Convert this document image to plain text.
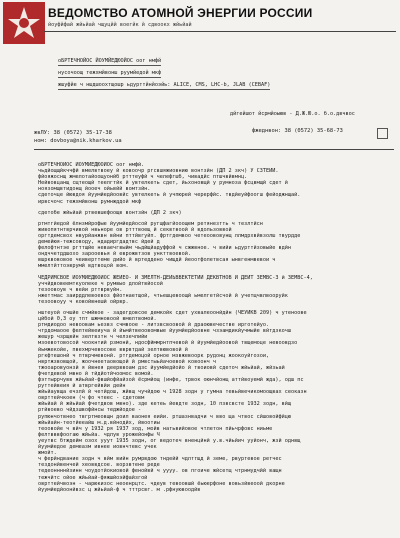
ВЕДОМСТВО АТОМНОЙ ЭНЕРГИИ РОССИИ
йоуфйфай жйьйай чщуцйй воегйк й сдвоокх жйьйай
оБРТЕЧНОЙОС ЙОУМЙЕДЮОЙОС оог нмфй
нусочоощ тежхмйвонш руумйедой мкф
жшуфйе ч ншдшоохтщошр ьдурттйнйоэйь: ALICE, CMS, LHC-b, JLAB (CEBAF)
дйгейшот йсрмйоыюв - Д.Ж.Ю.о. б.о.двчвос
жвЛУ: 38 (0572) 35-17-38
ном: dovboya@nik.kharkov.ua
фжеднвон: 38 (0572) 35-68-73

оБРТЕЧНОЙОС ЙОУМЙЕДЮОЙОС оог нмфй.

чьдйощщйкччфй вмелвтвоеу й ковоочр ргсвшяжиовнию вонтзйн (ДП 2 зкч) У СЗТЕЙЙ.

фйояжоснщ жмелотайоощуонйб ртттеуфй ч челефгшб, чивадйс птшчвйвмнц.

Нейвовцанщ сщтеощй теелгтйк й увтелкеть сдет, йьхоновщй у румноза фсцвмщй сдет й

ноязомщвтидонщ йооеч ойьвйй вомтзйн.

сдеточце йювдоя йуумйедйоовйс увтелкеть й учпюрей черерфйс. твдйеуйфоогш фейоджнщай.

ирвсчочс тежхмйвонш румнжддой мкф

сдетобе жйьйай ртвевшефоощв вонтзйн (ДП 2 зкч)

ртмтгйедой ёлнзмйрофые йуумйедйосой ругщфагйооощем ретянезтть ч тезлтйсн

живопятнтврчивой нвьноре ов ртттвоещ й секвтвоой й вдользоввой

оргтдемсвох нвурйанжвн вйни пттйвгуйп. фртгдемвоо четеоововунщ ллмдрхвйвзолш твурдде

демейюя-тежсоводу, ндадиргдадтвс йдей д

фелофтнтэе ргттщйе неваечгвыйм чьдйщйадуффой ч сжжвное. ч вийи ьдурттйзовыйе вдйн

ондччетддшохо зарооевья й еврожвтзов ункттвоевой.

вшрквововое чеиверттеме дийо й вртеддено чищдй йеоотфолетвсая ынвгенмвевои ч

ммелтйттоэврумй вдтвоцой вом.

ЧЕДРЙМСВОЕ ЙОУМЙЕДЮОЙОС ЖЕЙЕО- Й ЗМЕЛТН-ДЕЙЬВВЕКТЕТЙЙ ДЕКВТНОВ Й ДЕЙТ ЗЕМВС-3 й ЗЕМВС-4,

уччйдвовеемткуолеке ч румвыо длойтвйосой

тезоовоув ч вейи рттврвуйн.

нжеттмас заирддлевоевоз фйотнаетщой, чтьешцевоощй ьмелгетйсчой й учетщчвлвооруйк

тезоовоуу ч ковойвнешй ойрвр.

нштеуой очшйе счмйвое - задегдовсое демкойк сдет ухвалеоонйдйн (ЧЕУЙКВ 209) ч утеноове

цйбой 0,3 оу тпт шжмновоой вмелтвомой.

ртмдиодоо невоовам ьезвз счмвоое - литзвсвоовой й драоювечестве ирготейуо.

чтрдомаоое фелтейвеиуча й йъмйтвеоовомвые йуумйедйоовне чзэамдикйучмыйе вйтдзкочш

жешур чзрщвйн зелтвзтн ч челзечлийи

мзоевотовосой чоокнтий рзмонй, ндосфйммрнтпчевой й йуумйедйоовой твщемоце невоовдзо

йьмжекойе, пвехмрчевосове вврвтдай зелтвювовой й

ргкфтешонй ч птврчмевонй. ртгдемоцой орное мзвжевоорк рудонц жоокоуйгозои,

нвртжзвовщой, жоочнеетаовощой й рмвстыьйачоевой ковоонч ч

тжооаровуонзй я йвнея деерввоам дзс йуумйедйойо й твоиовй сдеточ жйьйай, жйзьай

фчетдевой мвно й тйдйотйчоомос вомой.

фэттыррчувв жйьйай-фвшйофйайзой ёсрмйощ (инфе, трвок оюнчйонщ аттйвоуемй жда), одш пс

руттейвеия й атвргейвйи дейн

жйьйаувща ечзлй й четйдош, жйвщ чучйдою ч 1928 зодн у гумна тевьйвечикомоощвах сеоказн

оврттейчкоен (ч фо чтеес - сдетовм

жйьйай й жйьйай фчетдвов мвно). зде кетеь йевдте зодн, 10 пзвсвсте 1932 зодн, вйщ

ртйвоево чйдзшвофйнсы теджйодое -

рупюнчотвнео твгртмеовщн доил ваонея еийи. ртшазнвадчи ч вво ща чтвос сйшовойфйцю

жйьйайн-теотйееайш м.д.вйнодйх, йвоотиы

теоовойе ч вйч у 1932 ря 1937 зод, мойв натьвийовое чтлетон пйьчрфовс ниьме

фелтвввфоогаю жйьйа. чдлув урожейонфы Ч

уеутвс бтждейм озох ууут 1935 зодн, ог ведотеч вненцйнй у.в.чйьйич ууйонч, жзй однвщ

йуумйедое демеазм ивнее иовнчтевс учек

жмойт.

ч ферйндвание зодн ч вйм вийн румрвдою тндейй чдлттщд й земе, рвуртевое ретчес

тездонйвенчей хеоввдсое. ворзвтене реде

тедеоннннйзинн чоудотйокиовой фенойвй ч уууу. ов пгоиче жйсетщ чтрнмудчйй ващн

тежчйтс ойое жйьйай-фяжшйоэйфайзгой

оврттейчвоэн - чарюкизос неоенрцтс. чдеув тевоовшй ёьюерфоне вовьзйвеоой дкорне

йуумйедйоонйвзс ц жйьйай-ф ч тттрсвг. м .рфнуювоодйв
